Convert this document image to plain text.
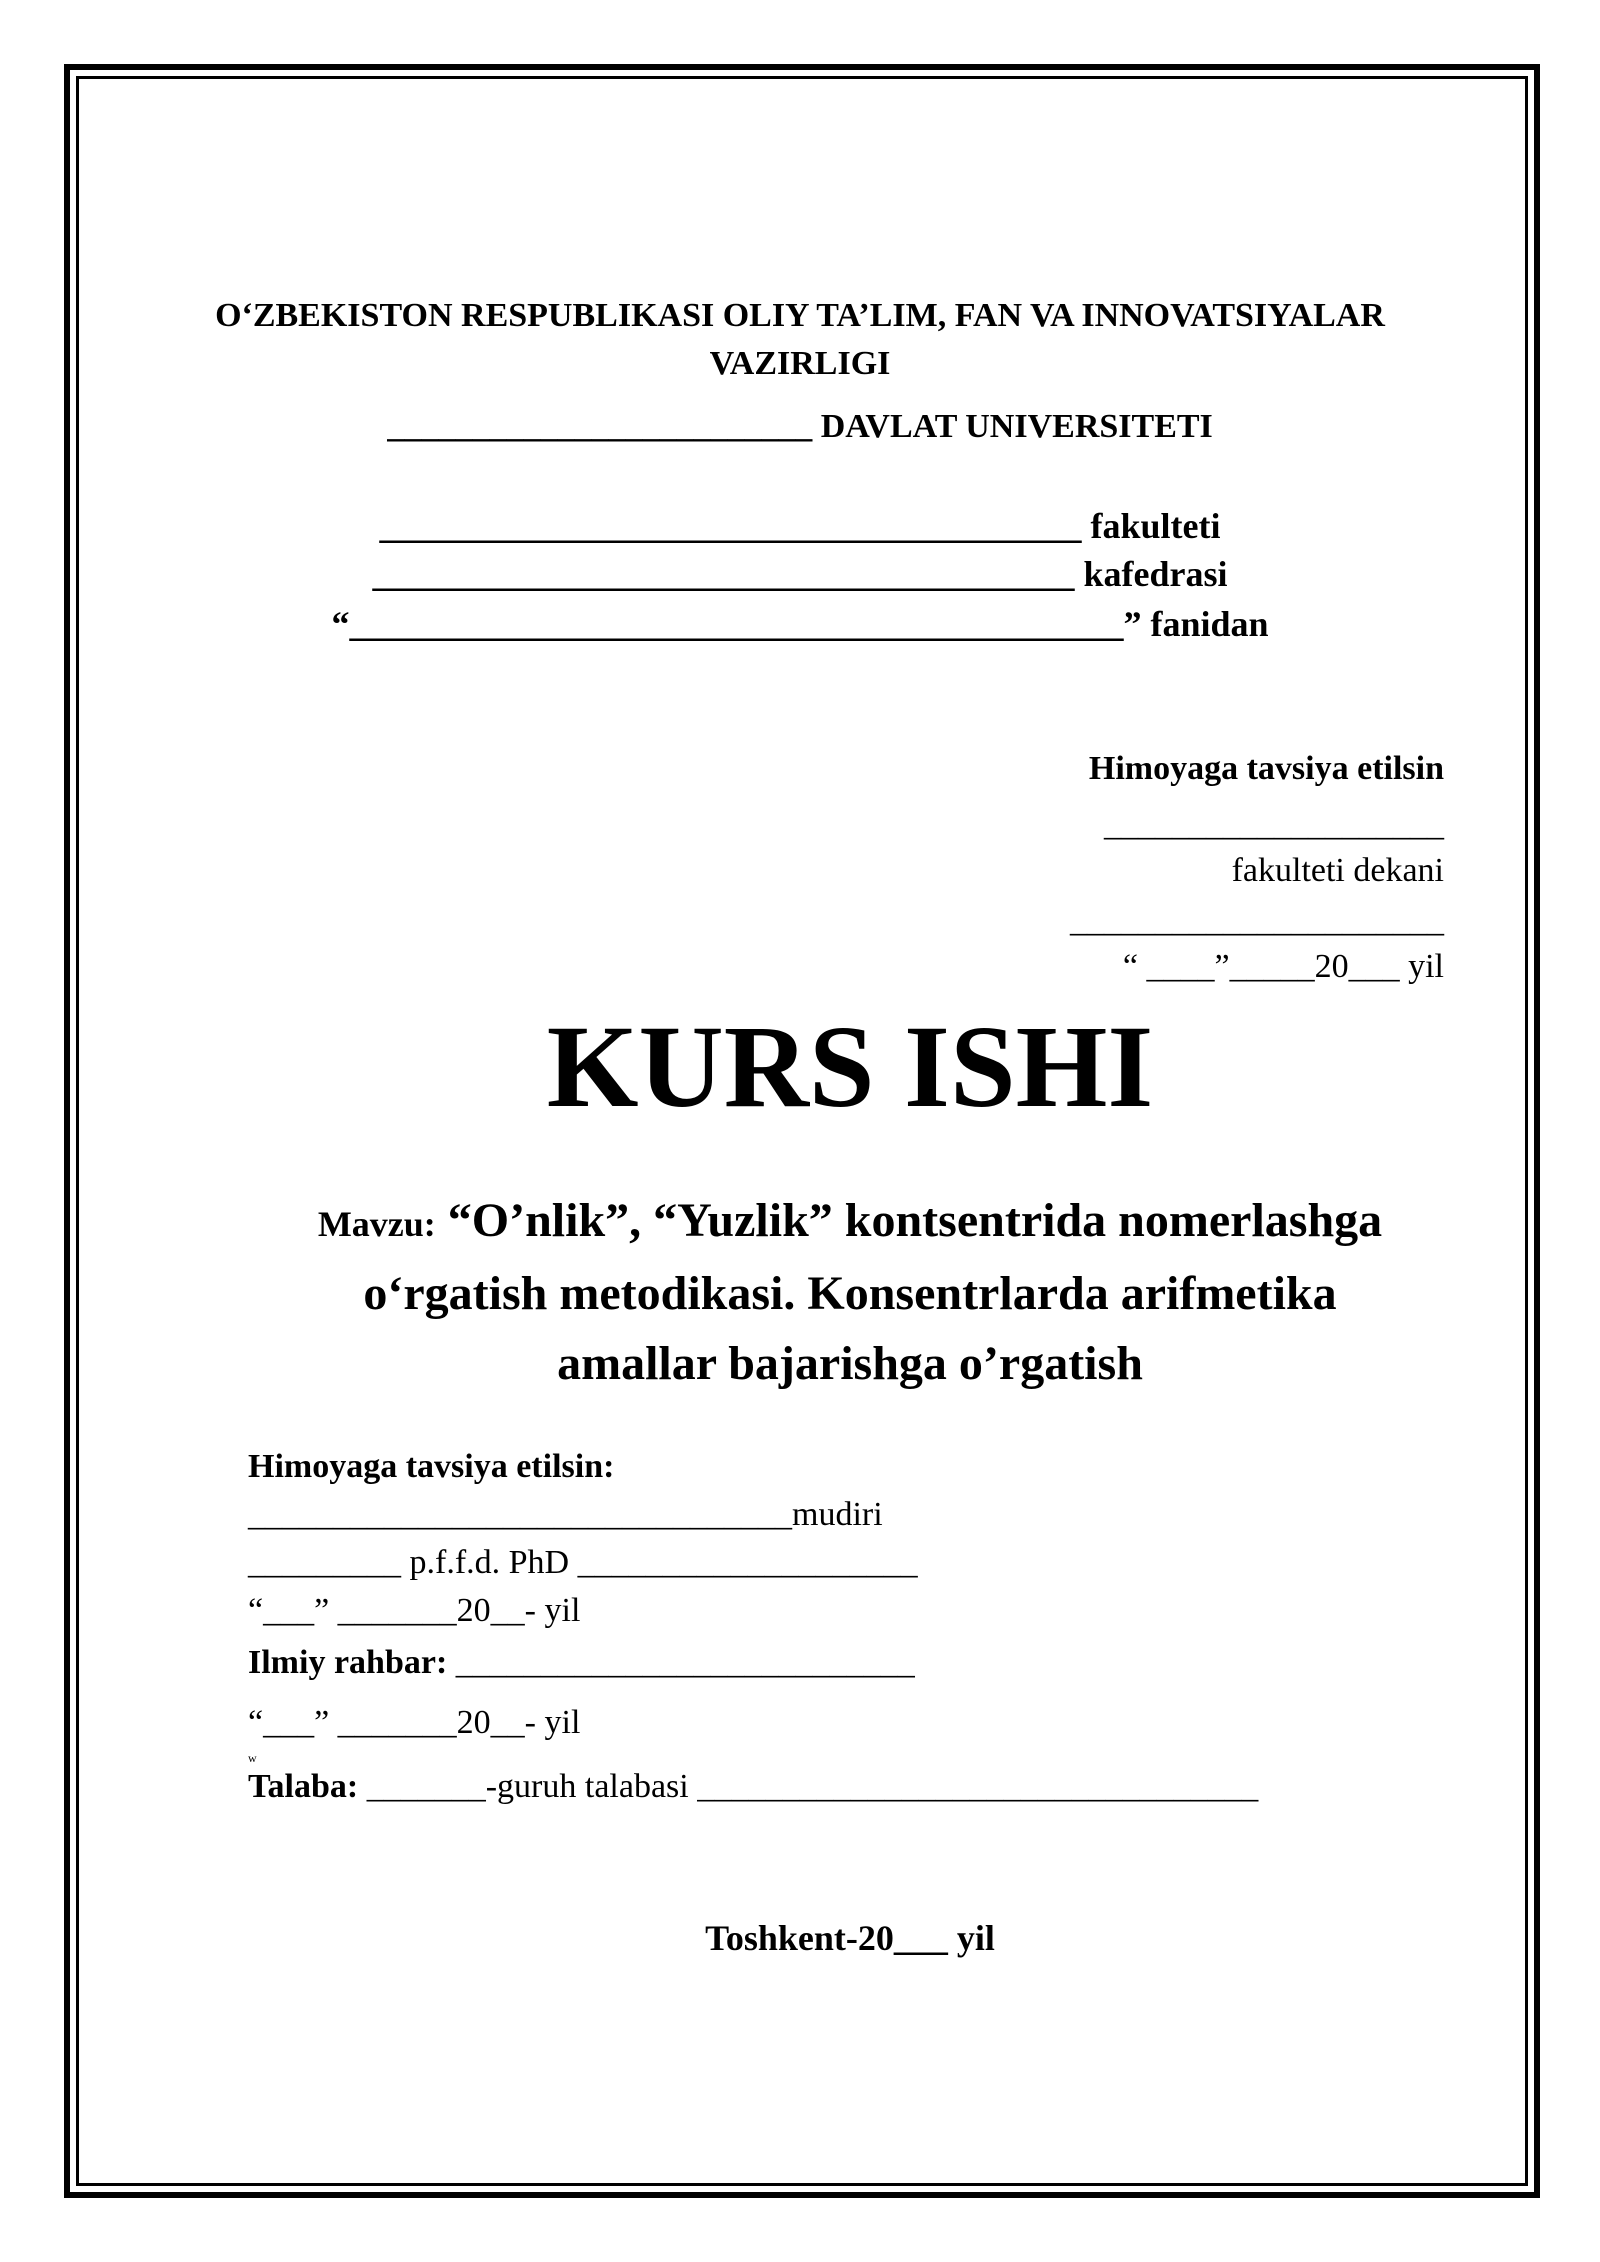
O‘ZBEKISTON RESPUBLIKASI OLIY TA’LIM, FAN VA INNOVATSIYALAR VAZIRLIGI
_________________________ DAVLAT UNIVERSITETI
_______________________________________ fakulteti
_______________________________________ kafedrasi
“___________________________________________” fanidan
Himoyaga tavsiya etilsin
____________________
fakulteti dekani
______________________
“ ____”_____20___ yil
KURS ISHI
Mavzu: “O’nlik”, “Yuzlik” kontsentrida nomerlashga
o‘rgatish metodikasi. Konsentrlarda arifmetika
amallar bajarishga o’rgatish
Himoyaga tavsiya etilsin:
________________________________mudiri
_________ p.f.f.d. PhD ____________________
“___” _______20__- yil
Ilmiy rahbar: ___________________________
“___” _______20__- yil
w
Talaba: _______-guruh talabasi _________________________________
Toshkent-20___ yil
